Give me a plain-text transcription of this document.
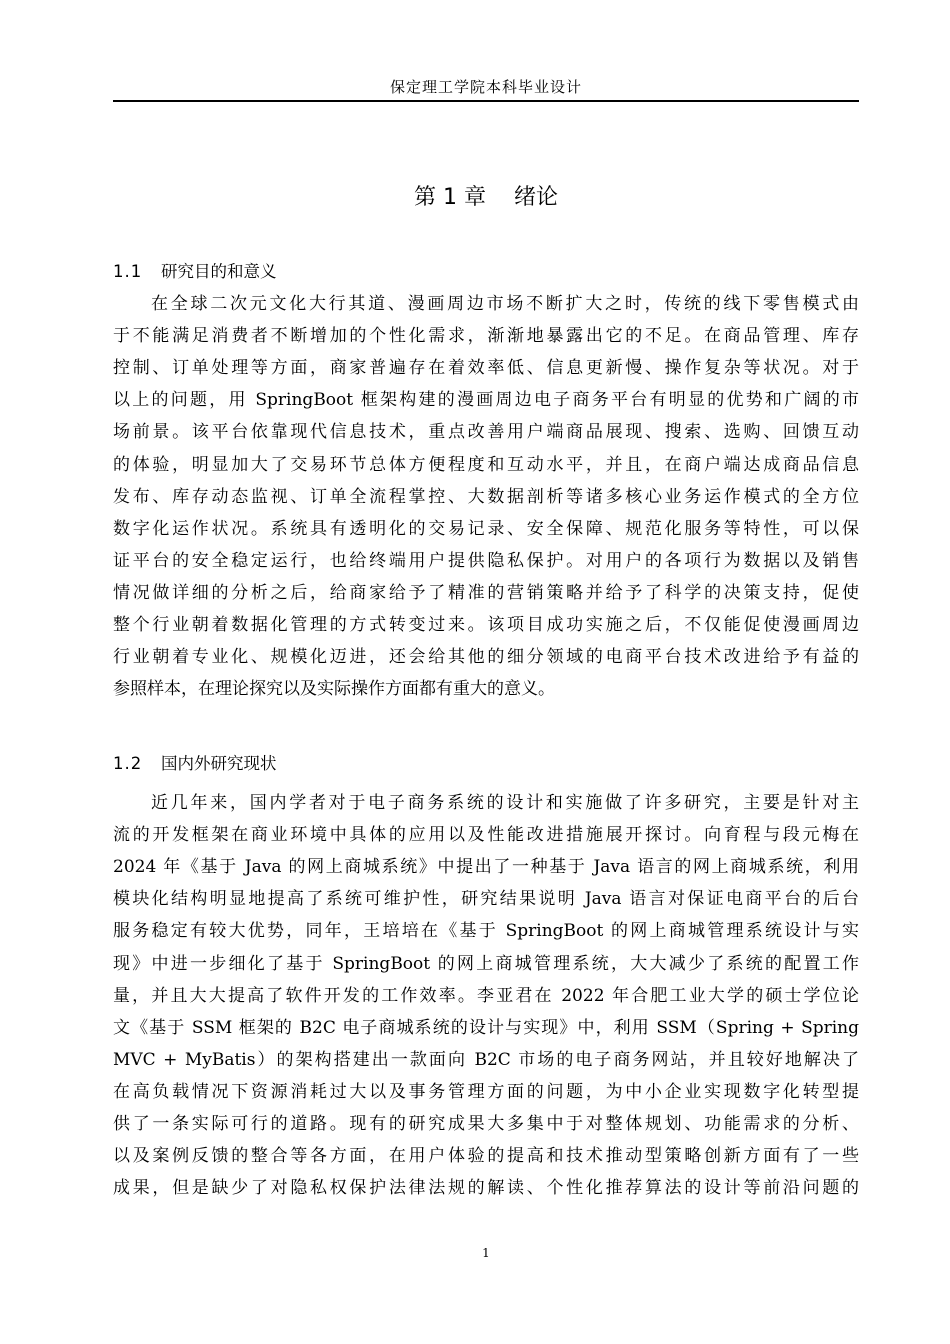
保定理工学院本科毕业设计
第 1 章 绪论
1.1 研究目的和意义
在全球二次元文化大行其道、漫画周边市场不断扩大之时，传统的线下零售模式由
于不能满足消费者不断增加的个性化需求，渐渐地暴露出它的不足。在商品管理、库存
控制、订单处理等方面，商家普遍存在着效率低、信息更新慢、操作复杂等状况。对于
以上的问题，用 SpringBoot 框架构建的漫画周边电子商务平台有明显的优势和广阔的市
场前景。该平台依靠现代信息技术，重点改善用户端商品展现、搜索、选购、回馈互动
的体验，明显加大了交易环节总体方便程度和互动水平，并且，在商户端达成商品信息
发布、库存动态监视、订单全流程掌控、大数据剖析等诸多核心业务运作模式的全方位
数字化运作状况。系统具有透明化的交易记录、安全保障、规范化服务等特性，可以保
证平台的安全稳定运行，也给终端用户提供隐私保护。对用户的各项行为数据以及销售
情况做详细的分析之后，给商家给予了精准的营销策略并给予了科学的决策支持，促使
整个行业朝着数据化管理的方式转变过来。该项目成功实施之后，不仅能促使漫画周边
行业朝着专业化、规模化迈进，还会给其他的细分领域的电商平台技术改进给予有益的
参照样本，在理论探究以及实际操作方面都有重大的意义。
1.2 国内外研究现状
近几年来，国内学者对于电子商务系统的设计和实施做了许多研究，主要是针对主
流的开发框架在商业环境中具体的应用以及性能改进措施展开探讨。向育程与段元梅在
2024 年《基于 Java 的网上商城系统》中提出了一种基于 Java 语言的网上商城系统，利用
模块化结构明显地提高了系统可维护性，研究结果说明 Java 语言对保证电商平台的后台
服务稳定有较大优势，同年，王培培在《基于 SpringBoot 的网上商城管理系统设计与实
现》中进一步细化了基于 SpringBoot 的网上商城管理系统，大大减少了系统的配置工作
量，并且大大提高了软件开发的工作效率。李亚君在 2022 年合肥工业大学的硕士学位论
文《基于 SSM 框架的 B2C 电子商城系统的设计与实现》中，利用 SSM（Spring + Spring
MVC + MyBatis）的架构搭建出一款面向 B2C 市场的电子商务网站，并且较好地解决了
在高负载情况下资源消耗过大以及事务管理方面的问题，为中小企业实现数字化转型提
供了一条实际可行的道路。现有的研究成果大多集中于对整体规划、功能需求的分析、
以及案例反馈的整合等各方面，在用户体验的提高和技术推动型策略创新方面有了一些
成果，但是缺少了对隐私权保护法律法规的解读、个性化推荐算法的设计等前沿问题的
1
